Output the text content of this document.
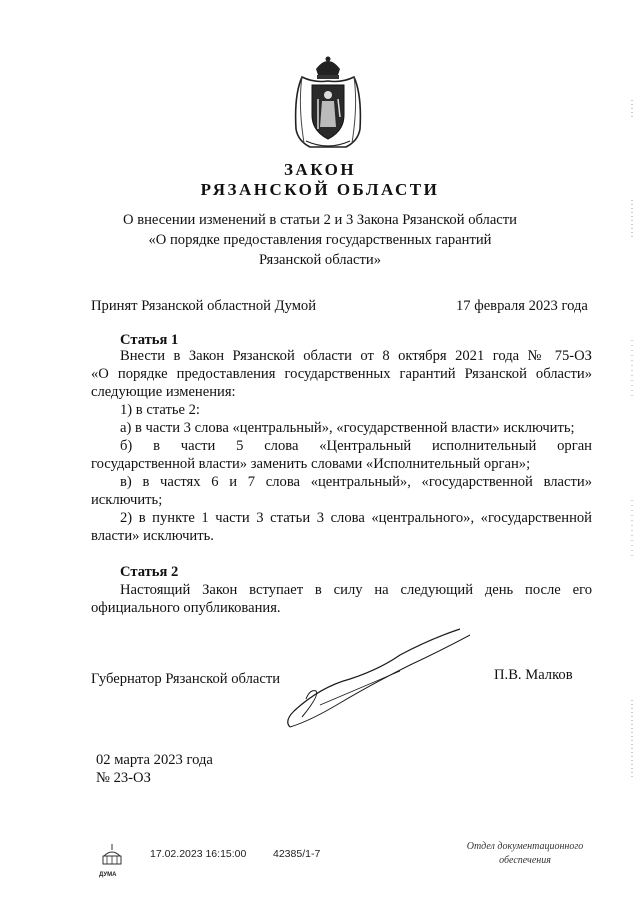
ЗАКОН
РЯЗАНСКОЙ ОБЛАСТИ
О внесении изменений в статьи 2 и 3 Закона Рязанской области
«О порядке предоставления государственных гарантий
Рязанской области»
Принят Рязанской областной Думой	17 февраля 2023 года
Статья 1
Внести в Закон Рязанской области от 8 октября 2021 года № 75-ОЗ
«О порядке предоставления государственных гарантий Рязанской области»
следующие изменения:
1) в статье 2:
а) в части 3 слова «центральный», «государственной власти» исключить;
б) в части 5 слова «Центральный исполнительный орган
государственной власти» заменить словами «Исполнительный орган»;
в) в частях 6 и 7 слова «центральный», «государственной власти»
исключить;
2) в пункте 1 части 3 статьи 3 слова «центрального», «государственной
власти» исключить.
Статья 2
Настоящий Закон вступает в силу на следующий день после его
официального опубликования.
Губернатор Рязанской области	П.В. Малков
02 марта 2023 года
№ 23-ОЗ
ДУМА
17.02.2023 16:15:00	42385/1-7
Отдел документационного
обеспечения
